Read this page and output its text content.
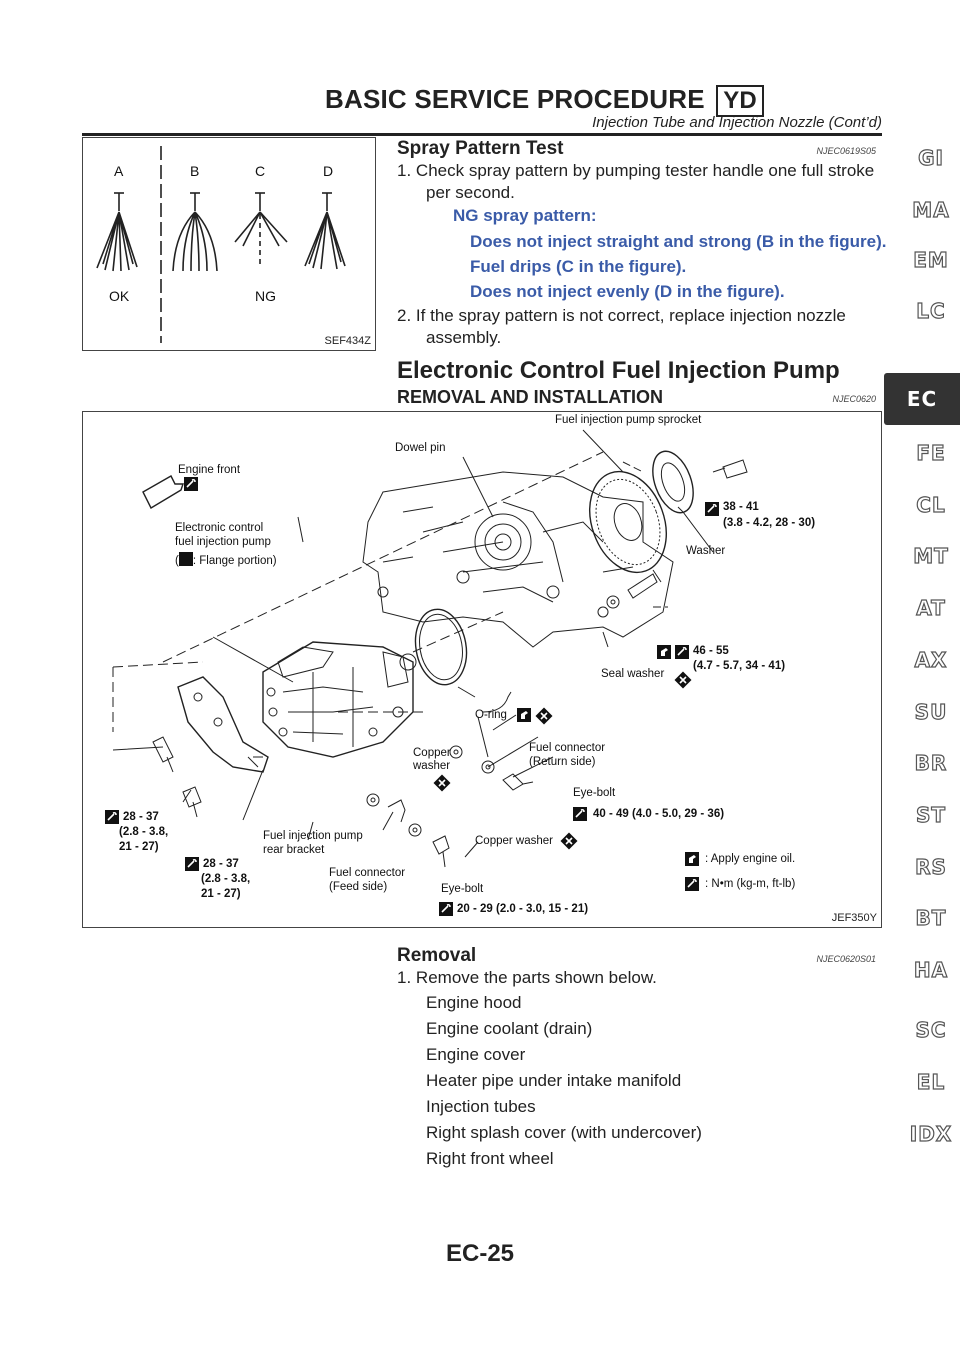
BASIC SERVICE PROCEDURE YD
Injection Tube and Injection Nozzle (Cont’d)
GI
MA
EM
LC
EC
FE
CL
MT
AT
AX
SU
BR
ST
RS
BT
HA
SC
EL
IDX
A	B	C	D
OK	NG
SEF434Z
Spray Pattern Test	NJEC0619S05
1. Check spray pattern by pumping tester handle one full stroke
per second.
NG spray pattern:
Does not inject straight and strong (B in the figure).
Fuel drips (C in the figure).
Does not inject evenly (D in the figure).
2. If the spray pattern is not correct, replace injection nozzle
assembly.
Electronic Control Fuel Injection Pump
REMOVAL AND INSTALLATION	NJEC0620
Fuel injection pump sprocket
Dowel pin
Engine front
Electronic control
fuel injection pump
( : Flange portion)
38 - 41
(3.8 - 4.2, 28 - 30)
Washer
46 - 55
(4.7 - 5.7, 34 - 41)
Seal washer
O-ring
Copper
washer
Fuel connector
(Return side)
Eye-bolt
40 - 49 (4.0 - 5.0, 29 - 36)
Copper washer
28 - 37
(2.8 - 3.8,
21 - 27)
28 - 37
(2.8 - 3.8,
21 - 27)
Fuel injection pump
rear bracket
Fuel connector
(Feed side)	Eye-bolt
20 - 29 (2.0 - 3.0, 15 - 21)
: Apply engine oil.
: N•m (kg-m, ft-lb)
JEF350Y
Removal	NJEC0620S01
1. Remove the parts shown below.
Engine hood
Engine coolant (drain)
Engine cover
Heater pipe under intake manifold
Injection tubes
Right splash cover (with undercover)
Right front wheel
EC-25
